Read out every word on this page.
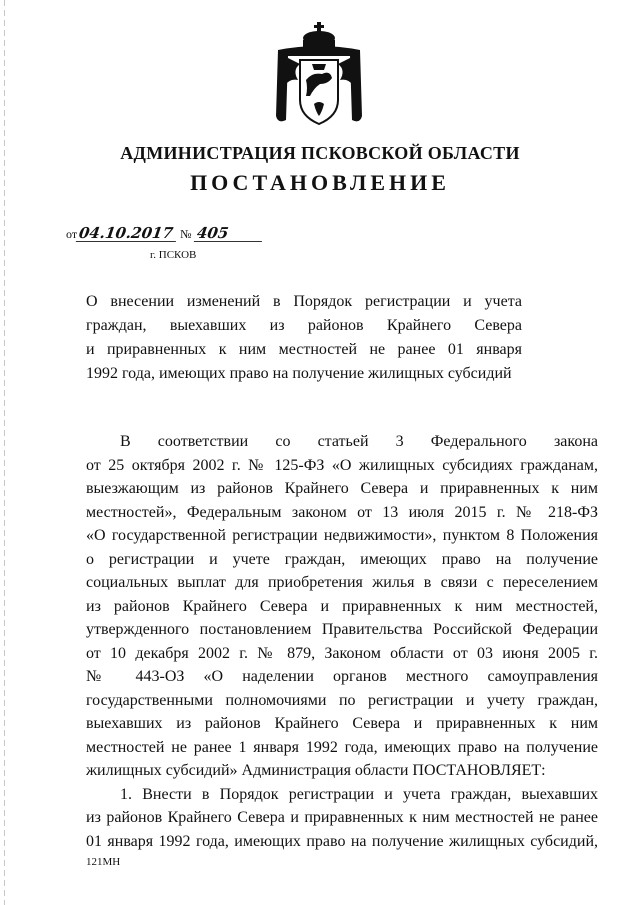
АДМИНИСТРАЦИЯ ПСКОВСКОЙ ОБЛАСТИ
ПОСТАНОВЛЕНИЕ
от04.10.2017 № 405
г. ПСКОВ
О внесении изменений в Порядок регистрации и учета
граждан, выехавших из районов Крайнего Севера
и приравненных к ним местностей не ранее 01 января
1992 года, имеющих право на получение жилищных субсидий
В соответствии со статьей 3 Федерального закона
от 25 октября 2002 г. № 125-ФЗ «О жилищных субсидиях гражданам,
выезжающим из районов Крайнего Севера и приравненных к ним
местностей», Федеральным законом от 13 июля 2015 г. № 218-ФЗ
«О государственной регистрации недвижимости», пунктом 8 Положения
о регистрации и учете граждан, имеющих право на получение
социальных выплат для приобретения жилья в связи с переселением
из районов Крайнего Севера и приравненных к ним местностей,
утвержденного постановлением Правительства Российской Федерации
от 10 декабря 2002 г. № 879, Законом области от 03 июня 2005 г.
№ 443-ОЗ «О наделении органов местного самоуправления
государственными полномочиями по регистрации и учету граждан,
выехавших из районов Крайнего Севера и приравненных к ним
местностей не ранее 1 января 1992 года, имеющих право на получение
жилищных субсидий» Администрация области ПОСТАНОВЛЯЕТ:
1. Внести в Порядок регистрации и учета граждан, выехавших
из районов Крайнего Севера и приравненных к ним местностей не ранее
01 января 1992 года, имеющих право на получение жилищных субсидий,
121МН
